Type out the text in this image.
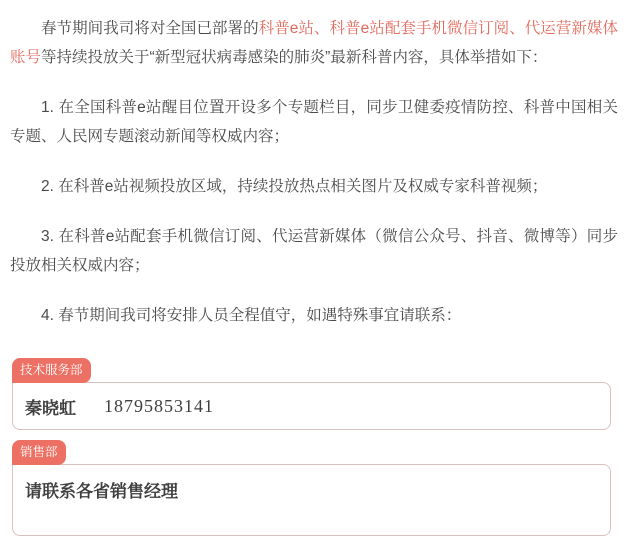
春节期间我司将对全国已部署的科普e站、科普e站配套手机微信订阅、代运营新媒体账号等持续投放关于“新型冠状病毒感染的肺炎”最新科普内容，具体举措如下：

1. 在全国科普e站醒目位置开设多个专题栏目，同步卫健委疫情防控、科普中国相关专题、人民网专题滚动新闻等权威内容；

2. 在科普e站视频投放区域，持续投放热点相关图片及权威专家科普视频；

3. 在科普e站配套手机微信订阅、代运营新媒体（微信公众号、抖音、微博等）同步投放相关权威内容；

4. 春节期间我司将安排人员全程值守，如遇特殊事宜请联系：

技术服务部
秦晓虹 18795853141
销售部
请联系各省销售经理
